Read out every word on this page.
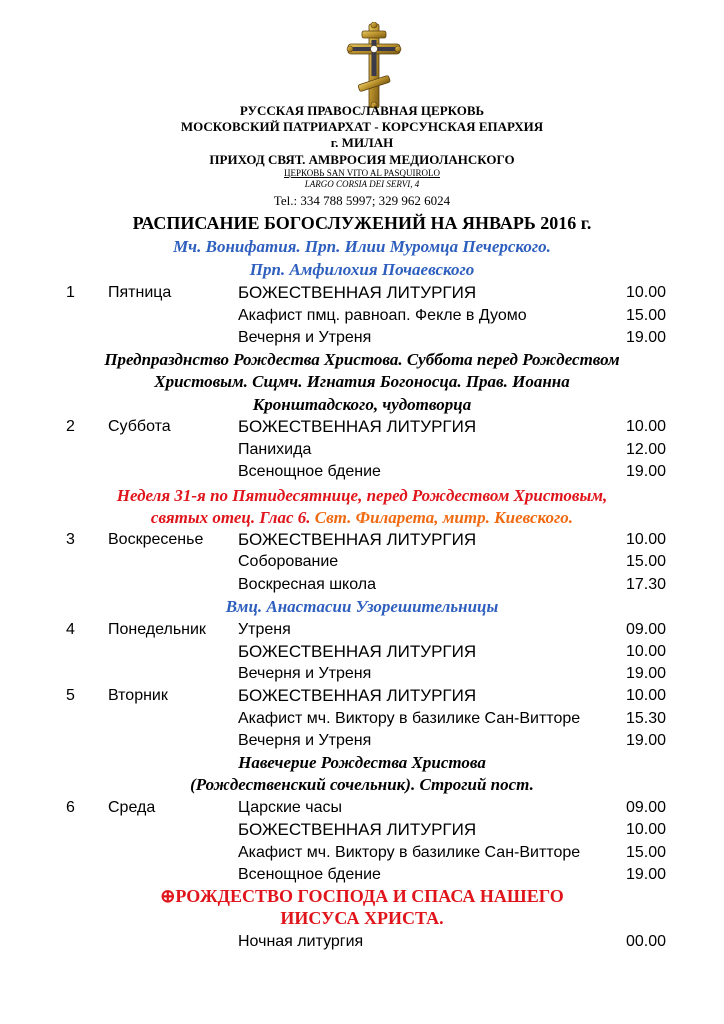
РУССКАЯ ПРАВОСЛАВНАЯ ЦЕРКОВЬ
МОСКОВСКИЙ ПАТРИАРХАТ - КОРСУНСКАЯ ЕПАРХИЯ
г. МИЛАН
ПРИХОД СВЯТ. АМВРОСИЯ МЕДИОЛАНСКОГО
ЦЕРКОВЬ SAN VITO AL PASQUIROLO
LARGO CORSIA DEI SERVI, 4
Tel.: 334 788 5997; 329 962 6024
РАСПИСАНИЕ БОГОСЛУЖЕНИЙ НА ЯНВАРЬ 2016 г.
Мч. Вонифатия. Прп. Илии Муромца Печерского.
Прп. Амфилохия Почаевского
Предпразднство Рождества Христова. Суббота перед Рождеством
Христовым. Сщмч. Игнатия Богоносца. Прав. Иоанна
Кронштадского, чудотворца
Неделя 31-я по Пятидесятнице, перед Рождеством Христовым,
святых отец. Глас 6. Свт. Филарета, митр. Киевского.
Вмц. Анастасии Узорешительницы
Навечерие Рождества Христова
(Рождественский сочельник). Строгий пост.
⊕РОЖДЕСТВО ГОСПОДА И СПАСА НАШЕГО
ИИСУСА ХРИСТА.
1 Пятница	БОЖЕСТВЕННАЯ ЛИТУРГИЯ	10.00
Акафист пмц. равноап. Фекле в Дуомо	15.00
Вечерня и Утреня	19.00
2 Суббота	БОЖЕСТВЕННАЯ ЛИТУРГИЯ	10.00
Панихида	12.00
Всенощное бдение	19.00
3 Воскресенье БОЖЕСТВЕННАЯ ЛИТУРГИЯ	10.00
Соборование	15.00
Воскресная школа	17.30
4 Понедельник Утреня	09.00
БОЖЕСТВЕННАЯ ЛИТУРГИЯ	10.00
Вечерня и Утреня	19.00
5 Вторник	БОЖЕСТВЕННАЯ ЛИТУРГИЯ	10.00
Акафист мч. Виктору в базилике Сан-Витторе	15.30
Вечерня и Утреня	19.00
6 Среда	Царские часы	09.00
БОЖЕСТВЕННАЯ ЛИТУРГИЯ	10.00
Акафист мч. Виктору в базилике Сан-Витторе	15.00
Всенощное бдение	19.00
Ночная литургия	00.00
